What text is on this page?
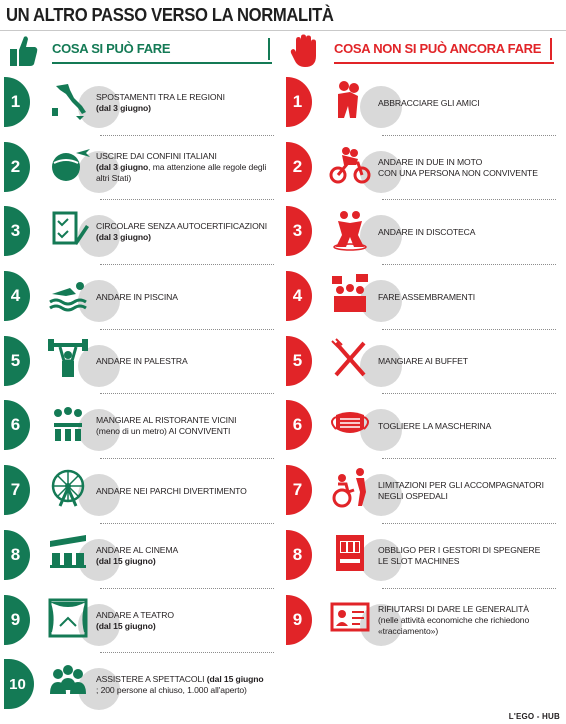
UN ALTRO PASSO VERSO LA NORMALITÀ
COSA SI PUÒ FARE
1	SPOSTAMENTI TRA LE REGIONI
(dal 3 giugno)
2
USCIRE DAI CONFINI ITALIANI
(dal 3 giugno, ma attenzione alle regole degli altri Stati)
3	CIRCOLARE SENZA AUTOCERTIFICAZIONI
(dal 3 giugno)
4	ANDARE IN PISCINA
5	ANDARE IN PALESTRA
6	MANGIARE AL RISTORANTE VICINI
(meno di un metro) AI CONVIVENTI
7	ANDARE NEI PARCHI DIVERTIMENTO
8	ANDARE AL CINEMA
(dal 15 giugno)
9	ANDARE A TEATRO
(dal 15 giugno)
10	ASSISTERE A SPETTACOLI (dal 15 giugno
; 200 persone al chiuso, 1.000 all'aperto)
COSA NON SI PUÒ ANCORA FARE
1	ABBRACCIARE GLI AMICI
2	ANDARE IN DUE IN MOTO
CON UNA PERSONA NON CONVIVENTE
3	ANDARE IN DISCOTECA
4	FARE ASSEMBRAMENTI
5	MANGIARE AI BUFFET
6	TOGLIERE LA MASCHERINA
7	LIMITAZIONI PER GLI ACCOMPAGNATORI
NEGLI OSPEDALI
8	OBBLIGO PER I GESTORI DI SPEGNERE
LE SLOT MACHINES
9
RIFIUTARSI DI DARE LE GENERALITÀ
(nelle attività economiche che richiedono «tracciamento»)
L'EGO - HUB
